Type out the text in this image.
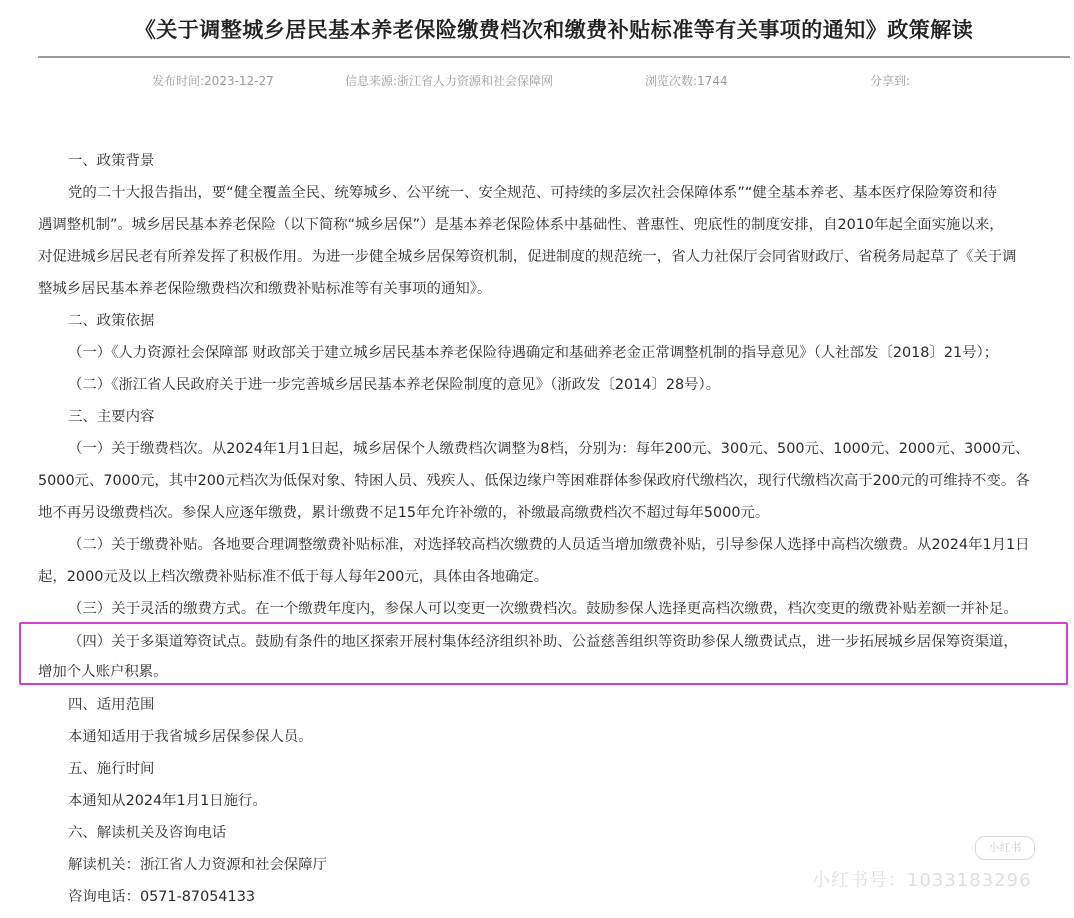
《关于调整城乡居民基本养老保险缴费档次和缴费补贴标准等有关事项的通知》政策解读
发布时间:2023-12-27	信息来源:浙江省人力资源和社会保障网	浏览次数:1744	分享到:
一、政策背景
党的二十大报告指出，要“健全覆盖全民、统筹城乡、公平统一、安全规范、可持续的多层次社会保障体系”“健全基本养老、基本医疗保险筹资和待
遇调整机制”。城乡居民基本养老保险（以下简称“城乡居保”）是基本养老保险体系中基础性、普惠性、兜底性的制度安排，自2010年起全面实施以来，
对促进城乡居民老有所养发挥了积极作用。为进一步健全城乡居保筹资机制，促进制度的规范统一，省人力社保厅会同省财政厅、省税务局起草了《关于调
整城乡居民基本养老保险缴费档次和缴费补贴标准等有关事项的通知》。
二、政策依据
（一）《人力资源社会保障部 财政部关于建立城乡居民基本养老保险待遇确定和基础养老金正常调整机制的指导意见》（人社部发〔2018〕21号）；
（二）《浙江省人民政府关于进一步完善城乡居民基本养老保险制度的意见》（浙政发〔2014〕28号）。
三、主要内容
（一）关于缴费档次。从2024年1月1日起，城乡居保个人缴费档次调整为8档，分别为：每年200元、300元、500元、1000元、2000元、3000元、
5000元、7000元，其中200元档次为低保对象、特困人员、残疾人、低保边缘户等困难群体参保政府代缴档次，现行代缴档次高于200元的可维持不变。各
地不再另设缴费档次。参保人应逐年缴费，累计缴费不足15年允许补缴的，补缴最高缴费档次不超过每年5000元。
（二）关于缴费补贴。各地要合理调整缴费补贴标准，对选择较高档次缴费的人员适当增加缴费补贴，引导参保人选择中高档次缴费。从2024年1月1日
起，2000元及以上档次缴费补贴标准不低于每人每年200元，具体由各地确定。
（三）关于灵活的缴费方式。在一个缴费年度内，参保人可以变更一次缴费档次。鼓励参保人选择更高档次缴费，档次变更的缴费补贴差额一并补足。
（四）关于多渠道筹资试点。鼓励有条件的地区探索开展村集体经济组织补助、公益慈善组织等资助参保人缴费试点，进一步拓展城乡居保筹资渠道，
增加个人账户积累。
四、适用范围
本通知适用于我省城乡居保参保人员。
五、施行时间
本通知从2024年1月1日施行。
六、解读机关及咨询电话
解读机关：浙江省人力资源和社会保障厅
咨询电话：0571-87054133
小红书
小红书号：1033183296
